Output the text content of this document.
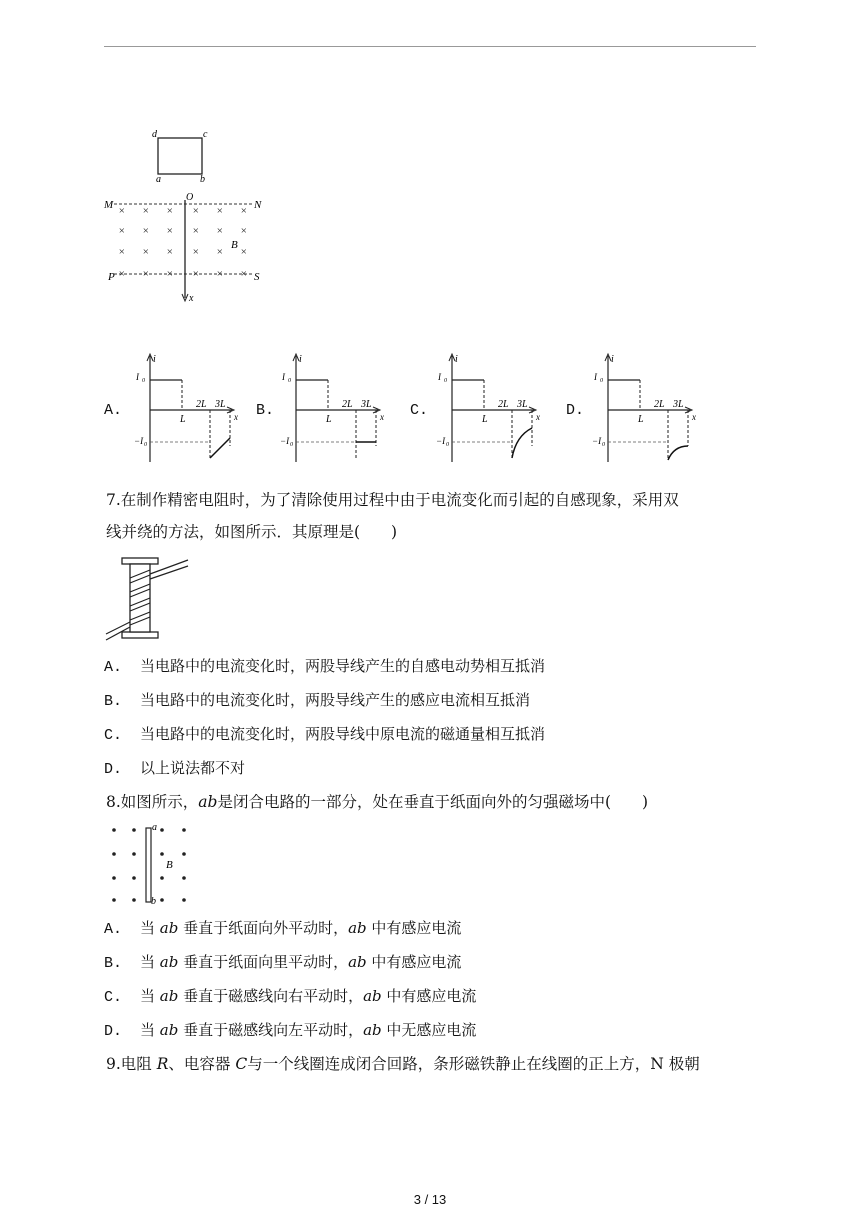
d	c
a	b
M	N
O
P	S
B
x
× × × × × ×
× × × × × ×
× × × × × ×
× × × × × ×
A.	B.	C.	D.
i
x
I 0
−I 0
L
2L 3L
i
x
I 0
−I 0
L
2L 3L
i
x
I 0
−I 0
L
2L 3L
i
x
I 0
−I 0
L
2L 3L
7.在制作精密电阻时，为了清除使用过程中由于电流变化而引起的自感现象，采用双
线并绕的方法，如图所示．其原理是(　　)
A. 当电路中的电流变化时，两股导线产生的自感电动势相互抵消
B. 当电路中的电流变化时，两股导线产生的感应电流相互抵消
C. 当电路中的电流变化时，两股导线中原电流的磁通量相互抵消
D. 以上说法都不对
8.如图所示，ab是闭合电路的一部分，处在垂直于纸面向外的匀强磁场中(　　)
a
b
B
A. 当 ab 垂直于纸面向外平动时，ab 中有感应电流
B. 当 ab 垂直于纸面向里平动时，ab 中有感应电流
C. 当 ab 垂直于磁感线向右平动时，ab 中有感应电流
D. 当 ab 垂直于磁感线向左平动时，ab 中无感应电流
9.电阻 R、电容器 C与一个线圈连成闭合回路，条形磁铁静止在线圈的正上方，N 极朝
3 / 13
